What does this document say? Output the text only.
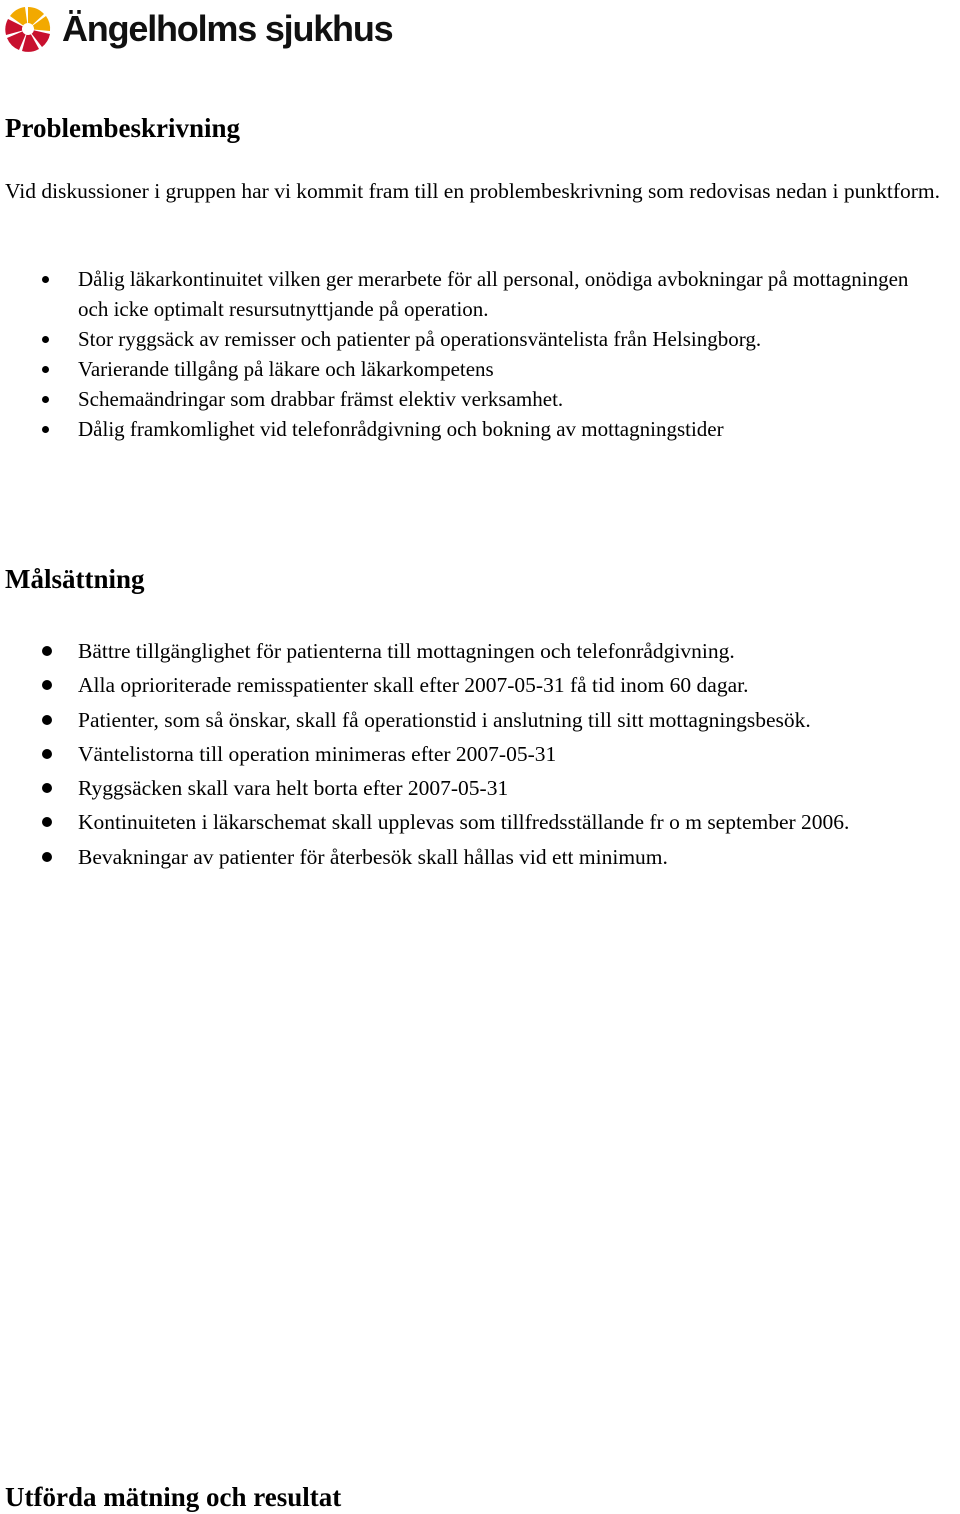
Ängelholms sjukhus
Problembeskrivning

Vid diskussioner i gruppen har vi kommit fram till en problembeskrivning som redovisas nedan i punktform.

Dålig läkarkontinuitet vilken ger merarbete för all personal, onödiga avbokningar på mottagningen och icke optimalt resursutnyttjande på operation.
Stor ryggsäck av remisser och patienter på operationsväntelista från Helsingborg.
Varierande tillgång på läkare och läkarkompetens
Schemaändringar som drabbar främst elektiv verksamhet.
Dålig framkomlighet vid telefonrådgivning och bokning av mottagningstider
Målsättning
Bättre tillgänglighet för patienterna till mottagningen och telefonrådgivning.
Alla oprioriterade remisspatienter skall efter 2007-05-31 få tid inom 60 dagar.
Patienter, som så önskar, skall få operationstid i anslutning till sitt mottagningsbesök.
Väntelistorna till operation minimeras efter 2007-05-31
Ryggsäcken skall vara helt borta efter 2007-05-31
Kontinuiteten i läkarschemat skall upplevas som tillfredsställande fr o m september 2006.
Bevakningar av patienter för återbesök skall hållas vid ett minimum.
Utförda mätning och resultat
